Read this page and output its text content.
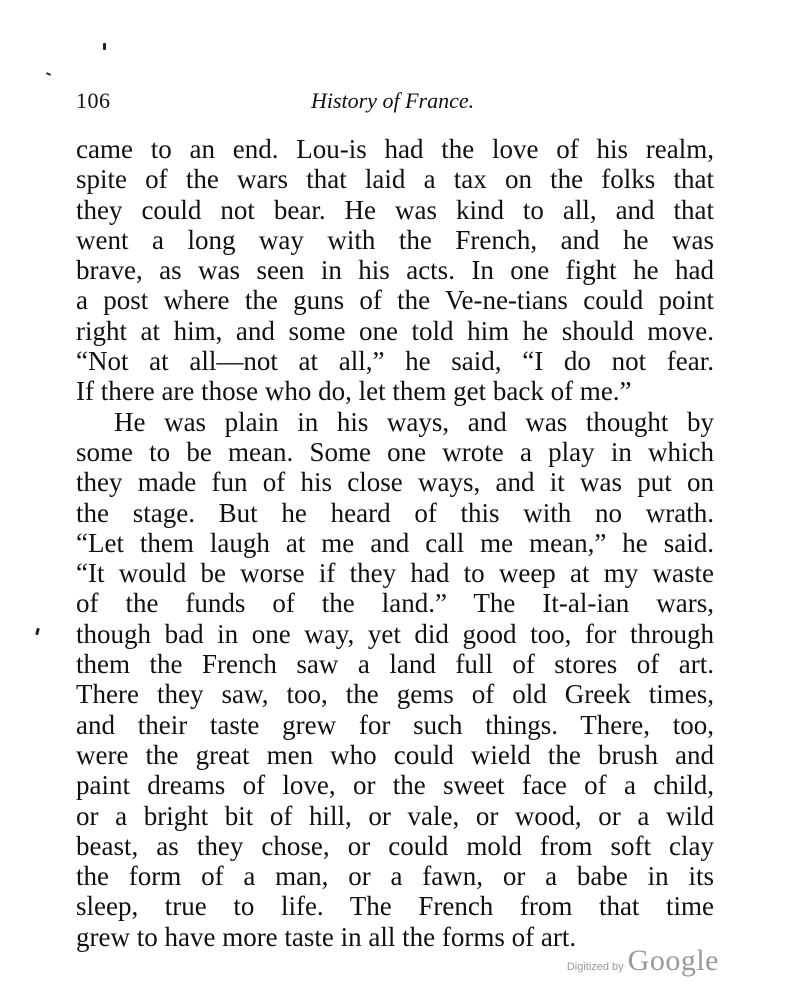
106	History of France.
came to an end. Lou-is had the love of his realm,
spite of the wars that laid a tax on the folks that
they could not bear. He was kind to all, and that
went a long way with the French, and he was
brave, as was seen in his acts. In one fight he had
a post where the guns of the Ve-ne-tians could point
right at him, and some one told him he should move.
“Not at all—not at all,” he said, “I do not fear.
If there are those who do, let them get back of me.”
He was plain in his ways, and was thought by
some to be mean. Some one wrote a play in which
they made fun of his close ways, and it was put on
the stage. But he heard of this with no wrath.
“Let them laugh at me and call me mean,” he said.
“It would be worse if they had to weep at my waste
of the funds of the land.” The It-al-ian wars,
though bad in one way, yet did good too, for through
them the French saw a land full of stores of art.
There they saw, too, the gems of old Greek times,
and their taste grew for such things. There, too,
were the great men who could wield the brush and
paint dreams of love, or the sweet face of a child,
or a bright bit of hill, or vale, or wood, or a wild
beast, as they chose, or could mold from soft clay
the form of a man, or a fawn, or a babe in its
sleep, true to life. The French from that time
grew to have more taste in all the forms of art.
Digitized by Google
